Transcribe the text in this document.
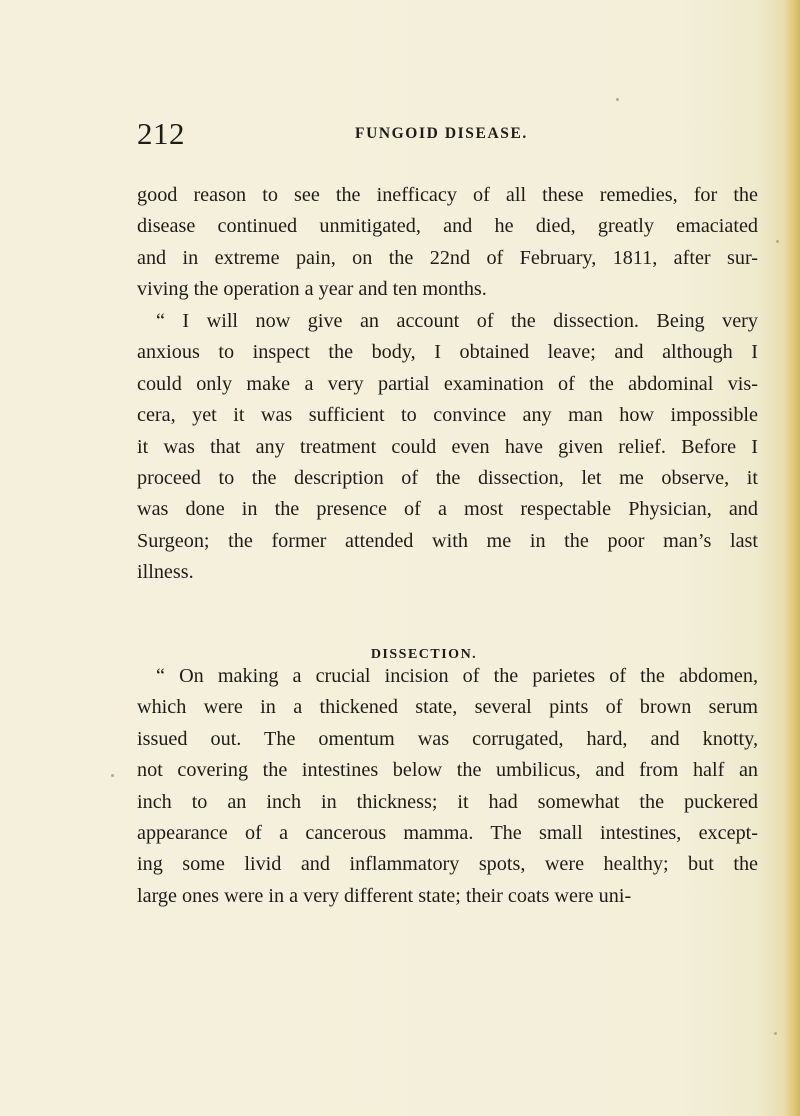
212	FUNGOID DISEASE.
good reason to see the inefficacy of all these remedies, for the
disease continued unmitigated, and he died, greatly emaciated
and in extreme pain, on the 22nd of February, 1811, after sur-
viving the operation a year and ten months.
“ I will now give an account of the dissection. Being very
anxious to inspect the body, I obtained leave; and although I
could only make a very partial examination of the abdominal vis-
cera, yet it was sufficient to convince any man how impossible
it was that any treatment could even have given relief. Before I
proceed to the description of the dissection, let me observe, it
was done in the presence of a most respectable Physician, and
Surgeon; the former attended with me in the poor man’s last
illness.
DISSECTION.
“ On making a crucial incision of the parietes of the abdomen,
which were in a thickened state, several pints of brown serum
issued out. The omentum was corrugated, hard, and knotty,
not covering the intestines below the umbilicus, and from half an
inch to an inch in thickness; it had somewhat the puckered
appearance of a cancerous mamma. The small intestines, except-
ing some livid and inflammatory spots, were healthy; but the
large ones were in a very different state; their coats were uni-
